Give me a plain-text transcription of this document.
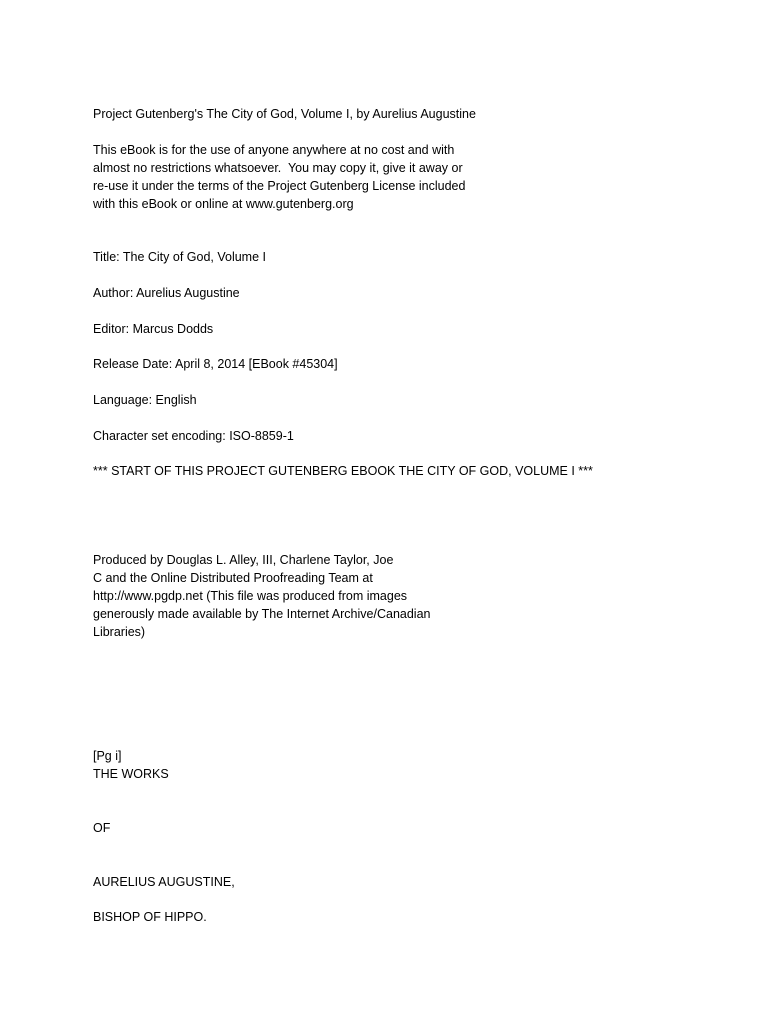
Project Gutenberg's The City of God, Volume I, by Aurelius Augustine
This eBook is for the use of anyone anywhere at no cost and with
almost no restrictions whatsoever.  You may copy it, give it away or
re-use it under the terms of the Project Gutenberg License included
with this eBook or online at www.gutenberg.org
Title: The City of God, Volume I
Author: Aurelius Augustine
Editor: Marcus Dodds
Release Date: April 8, 2014 [EBook #45304]
Language: English
Character set encoding: ISO-8859-1
*** START OF THIS PROJECT GUTENBERG EBOOK THE CITY OF GOD, VOLUME I ***
Produced by Douglas L. Alley, III, Charlene Taylor, Joe
C and the Online Distributed Proofreading Team at
http://www.pgdp.net (This file was produced from images
generously made available by The Internet Archive/Canadian
Libraries)
[Pg i]
THE WORKS
OF
AURELIUS AUGUSTINE,
BISHOP OF HIPPO.
